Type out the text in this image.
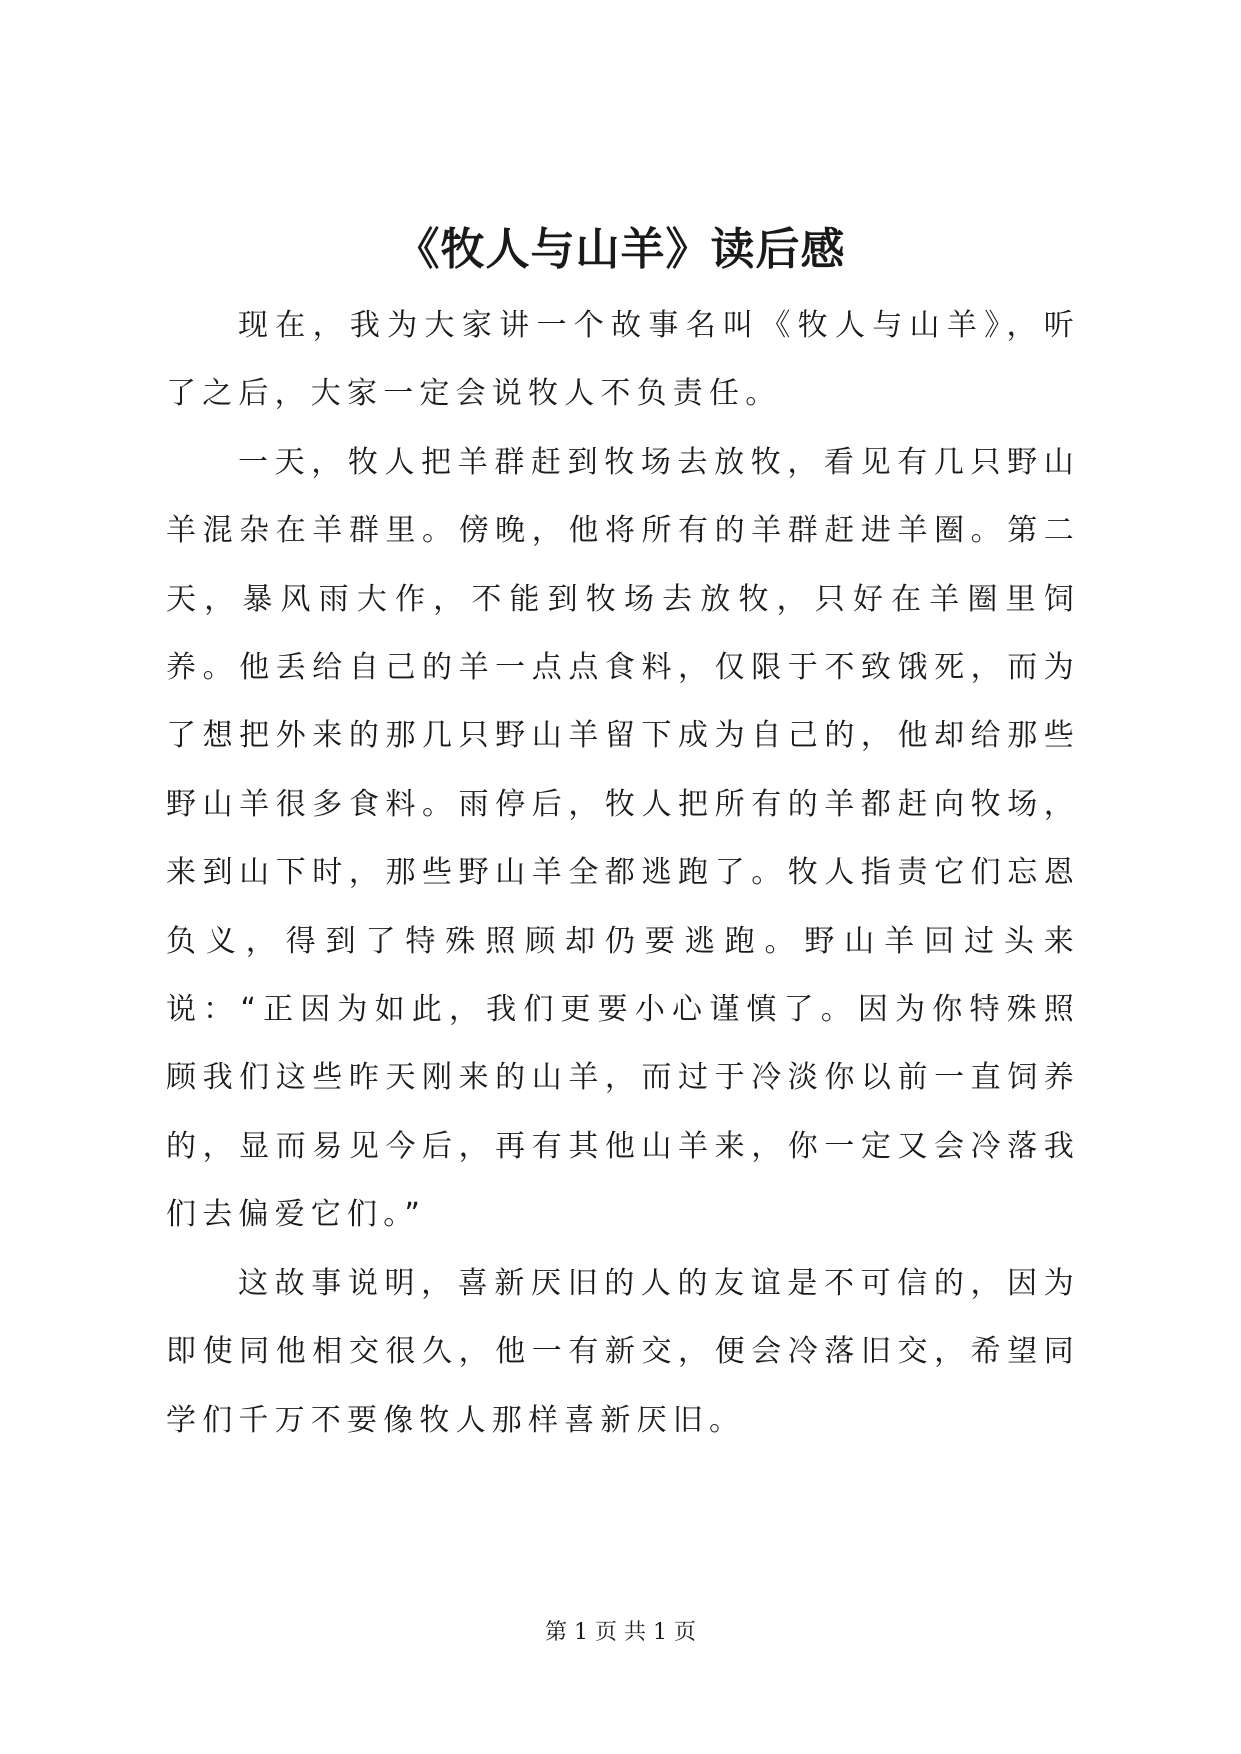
《牧人与山羊》读后感

现在，我为大家讲一个故事名叫《牧人与山羊》，听了之后，大家一定会说牧人不负责任。

一天，牧人把羊群赶到牧场去放牧，看见有几只野山羊混杂在羊群里。傍晚，他将所有的羊群赶进羊圈。第二天，暴风雨大作，不能到牧场去放牧，只好在羊圈里饲养。他丢给自己的羊一点点食料，仅限于不致饿死，而为了想把外来的那几只野山羊留下成为自己的，他却给那些野山羊很多食料。雨停后，牧人把所有的羊都赶向牧场，来到山下时，那些野山羊全都逃跑了。牧人指责它们忘恩负义，得到了特殊照顾却仍要逃跑。野山羊回过头来说：“正因为如此，我们更要小心谨慎了。因为你特殊照顾我们这些昨天刚来的山羊，而过于冷淡你以前一直饲养的，显而易见今后，再有其他山羊来，你一定又会冷落我们去偏爱它们。”

这故事说明，喜新厌旧的人的友谊是不可信的，因为即使同他相交很久，他一有新交，便会冷落旧交，希望同学们千万不要像牧人那样喜新厌旧。

第 1 页 共 1 页
